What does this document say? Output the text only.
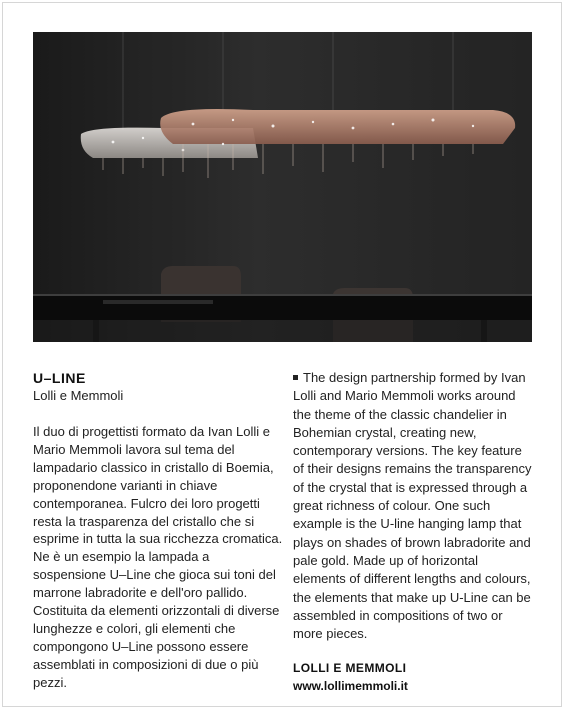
U–LINE

Lolli e Memmoli

Il duo di progettisti formato da Ivan Lolli e Mario Memmoli lavora sul tema del lampadario classico in cristallo di Boemia, proponendone varianti in chiave contemporanea. Fulcro dei loro progetti resta la trasparenza del cristallo che si esprime in tutta la sua ricchezza cromatica. Ne è un esempio la lampada a sospensione U–Line che gioca sui toni del marrone labradorite e dell'oro pallido. Costituita da elementi orizzontali di diverse lunghezze e colori, gli elementi che compongono U–Line possono essere assemblati in composizioni di due o più pezzi.

The design partnership formed by Ivan Lolli and Mario Memmoli works around the theme of the classic chandelier in Bohemian crystal, creating new, contemporary versions. The key feature of their designs remains the transparency of the crystal that is expressed through a great richness of colour. One such example is the U-line hanging lamp that plays on shades of brown labradorite and pale gold. Made up of horizontal elements of different lengths and colours, the elements that make up U-Line can be assembled in compositions of two or more pieces.

LOLLI E MEMMOLI
www.lollimemmoli.it
